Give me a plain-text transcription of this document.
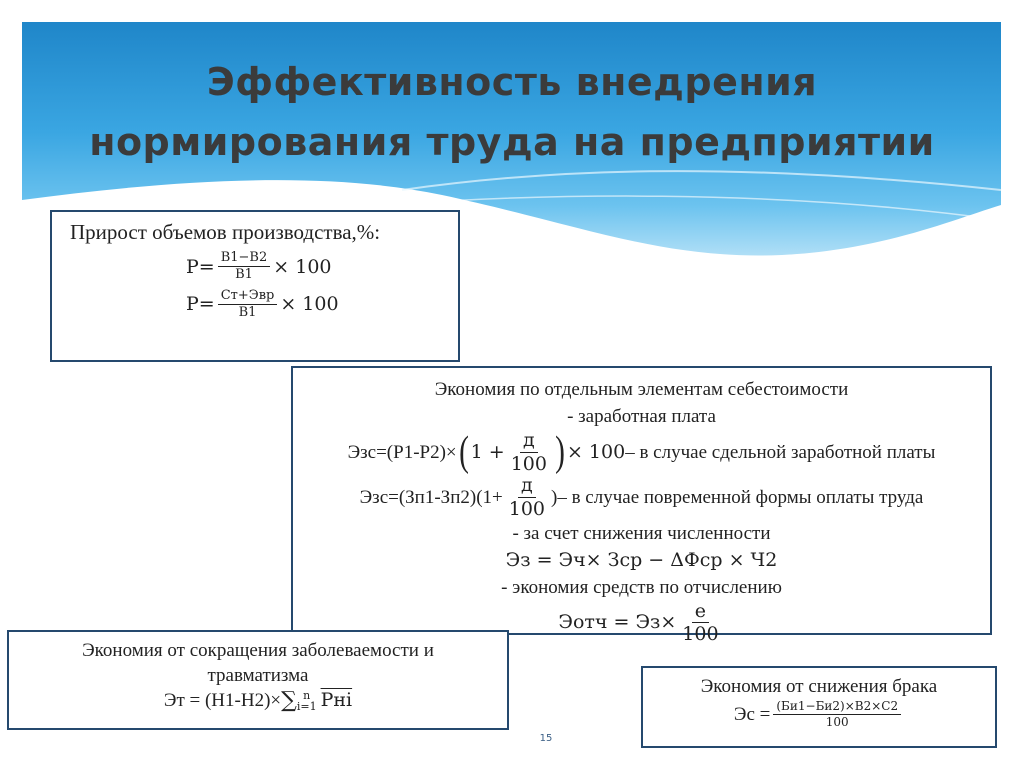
Эффективность внедрения
нормирования труда на предприятии
Прирост объемов производства,%:
$P= \frac{В1-В2}{В1} \times 100$
$P= \frac{\text{Ст+Эвр}}{В1} \times 100$
Экономия по отдельным элементам себестоимости
- заработная плата
Эзс=(Р1-Р2)× ( $1 + \frac{д}{100}$ ) × 100 – в случае сдельной заработной платы
$Эзс=(Зп1-Зп2)(1+ \frac{д}{100}$ ) – в случае повременной формы оплаты труда
- за счет снижения численности
Эз = Эч× Зср − ΔФср × Ч2
- экономия средств по отчислению
Эотч = $Эз\times \frac{е}{100}$
Экономия от сокращения заболеваемости и
травматизма
Эт = (Н1-Н2)× ∑ n
i=1 Рнi
Экономия от снижения брака
Эс = $\frac{(Би1-Би2)\times В2\times С2}{100}$
15
